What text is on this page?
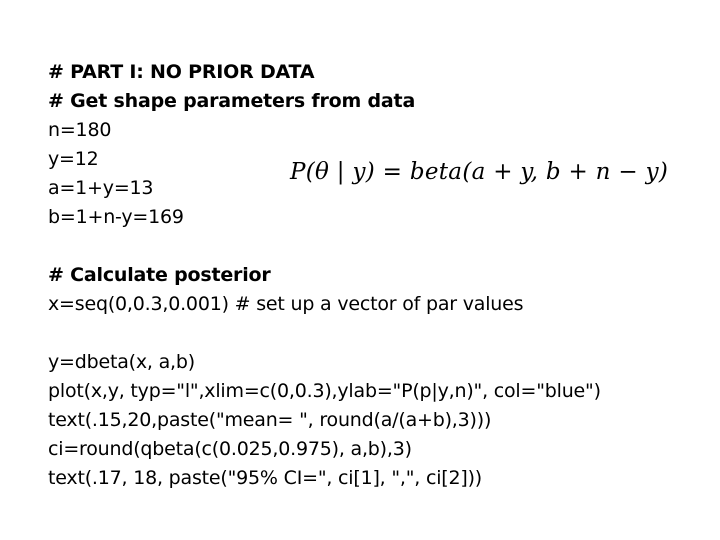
# PART I: NO PRIOR DATA
# Get shape parameters from data
n=180
y=12
a=1+y=13
b=1+n-y=169
# Calculate posterior
x=seq(0,0.3,0.001) # set up a vector of par values
y=dbeta(x, a,b)
plot(x,y, typ="l",xlim=c(0,0.3),ylab="P(p|y,n)", col="blue")
text(.15,20,paste("mean= ", round(a/(a+b),3)))
ci=round(qbeta(c(0.025,0.975), a,b),3)
text(.17, 18, paste("95% CI=", ci[1], ",", ci[2]))
P(θ | y) = beta(a + y, b + n − y)
